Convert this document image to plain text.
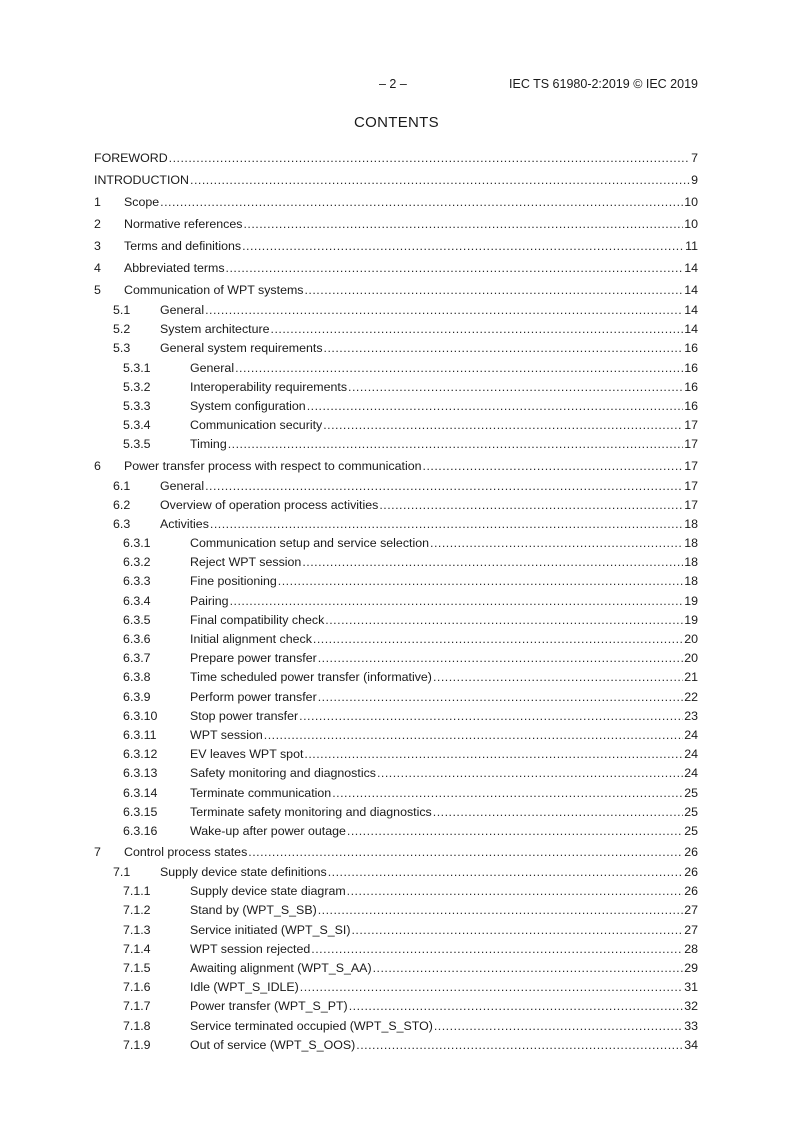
– 2 –	IEC TS 61980-2:2019 © IEC 2019
CONTENTS
FOREWORD .....	7
INTRODUCTION .....	9
1	Scope .....	10
2	Normative references .....	10
3	Terms and definitions .....	11
4	Abbreviated terms .....	14
5	Communication of WPT systems .....	14
5.1	General .....	14
5.2	System architecture .....	14
5.3	General system requirements .....	16
5.3.1	General .....	16
5.3.2	Interoperability requirements .....	16
5.3.3	System configuration .....	16
5.3.4	Communication security .....	17
5.3.5	Timing .....	17
6	Power transfer process with respect to communication .....	17
6.1	General .....	17
6.2	Overview of operation process activities .....	17
6.3	Activities .....	18
6.3.1	Communication setup and service selection .....	18
6.3.2	Reject WPT session .....	18
6.3.3	Fine positioning .....	18
6.3.4	Pairing .....	19
6.3.5	Final compatibility check .....	19
6.3.6	Initial alignment check .....	20
6.3.7	Prepare power transfer .....	20
6.3.8	Time scheduled power transfer (informative) .....	21
6.3.9	Perform power transfer .....	22
6.3.10	Stop power transfer .....	23
6.3.11	WPT session .....	24
6.3.12	EV leaves WPT spot .....	24
6.3.13	Safety monitoring and diagnostics .....	24
6.3.14	Terminate communication .....	25
6.3.15	Terminate safety monitoring and diagnostics .....	25
6.3.16	Wake-up after power outage .....	25
7	Control process states .....	26
7.1	Supply device state definitions .....	26
7.1.1	Supply device state diagram .....	26
7.1.2	Stand by (WPT_S_SB) .....	27
7.1.3	Service initiated (WPT_S_SI) .....	27
7.1.4	WPT session rejected .....	28
7.1.5	Awaiting alignment (WPT_S_AA) .....	29
7.1.6	Idle (WPT_S_IDLE) .....	31
7.1.7	Power transfer (WPT_S_PT) .....	32
7.1.8	Service terminated occupied (WPT_S_STO) .....	33
7.1.9	Out of service (WPT_S_OOS) .....	34
